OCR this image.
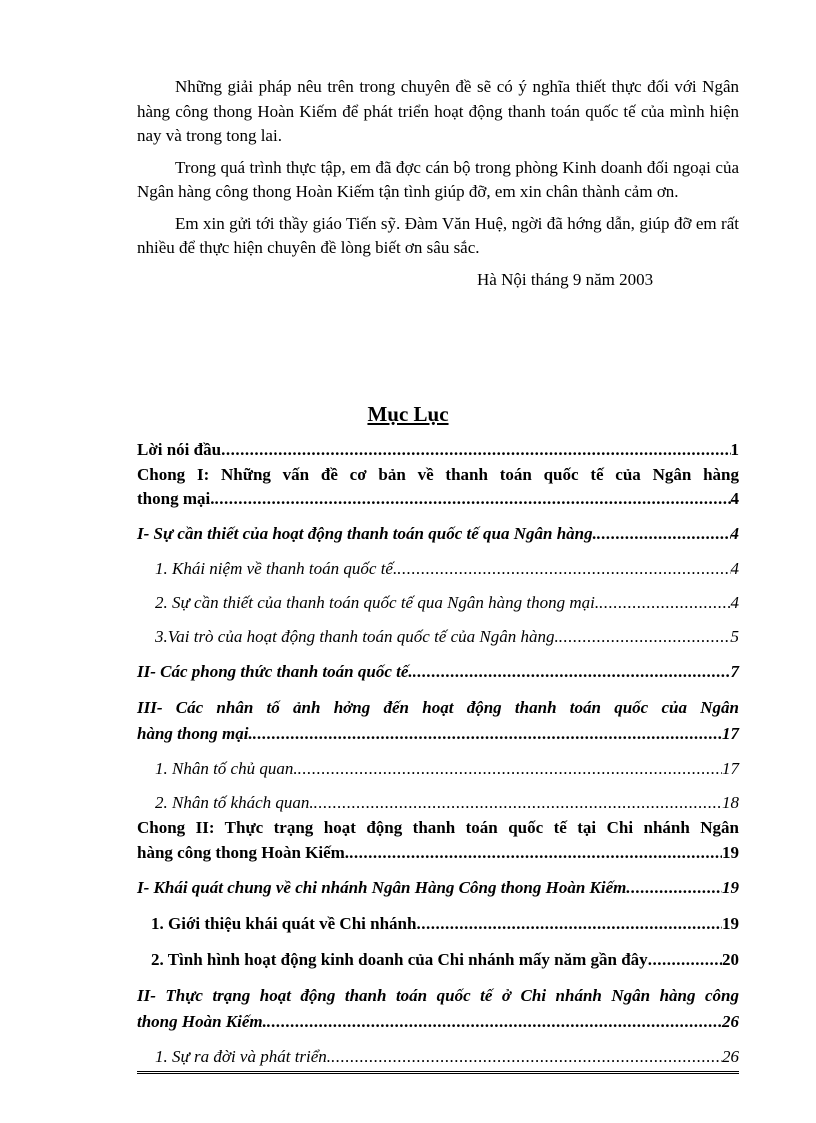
Những giải pháp nêu trên trong chuyên đề sẽ có ý nghĩa thiết thực đối với Ngân hàng công thong Hoàn Kiếm để phát triển hoạt động thanh toán quốc tế của mình hiện nay và trong tong lai.

Trong quá trình thực tập, em đã đợc cán bộ trong phòng Kinh doanh đối ngoại của Ngân hàng công thong Hoàn Kiếm tận tình giúp đỡ, em xin chân thành cảm ơn.

Em xin gửi tới thầy giáo Tiến sỹ. Đàm Văn Huệ, ngời đã hớng dẫn, giúp đỡ em rất nhiều để thực hiện chuyên đề lòng biết ơn sâu sắc.

Hà Nội tháng 9 năm 2003

Mục Lục
Lời nói đầu .....	1
Chong I: Những vấn đề cơ bản về thanh toán quốc tế của Ngân hàng
thong mại. .....	4
I- Sự cần thiết của hoạt động thanh toán quốc tế qua Ngân hàng. .....	4
1. Khái niệm về thanh toán quốc tế. .....	4
2. Sự cần thiết của thanh toán quốc tế qua Ngân hàng thong mại. .....	4
3.Vai trò của hoạt động thanh toán quốc tế của Ngân hàng. .....	5
II- Các phong thức thanh toán quốc tế. .....	7
III- Các nhân tố ảnh hởng đến hoạt động thanh toán quốc của Ngân
hàng thong mại. .....	17
1. Nhân tố chủ quan. .....	17
2. Nhân tố khách quan. .....	18
Chong II: Thực trạng hoạt động thanh toán quốc tế tại Chi nhánh Ngân
hàng công thong Hoàn Kiếm. .....	19
I- Khái quát chung về chi nhánh Ngân Hàng Công thong Hoàn Kiếm .....	19
1. Giới thiệu khái quát về Chi nhánh .....	19
2. Tình hình hoạt động kinh doanh của Chi nhánh mấy năm gần đây .....	20
II- Thực trạng hoạt động thanh toán quốc tế ở Chi nhánh Ngân hàng công
thong Hoàn Kiếm. .....	26
1. Sự ra đời và phát triển. .....	26
